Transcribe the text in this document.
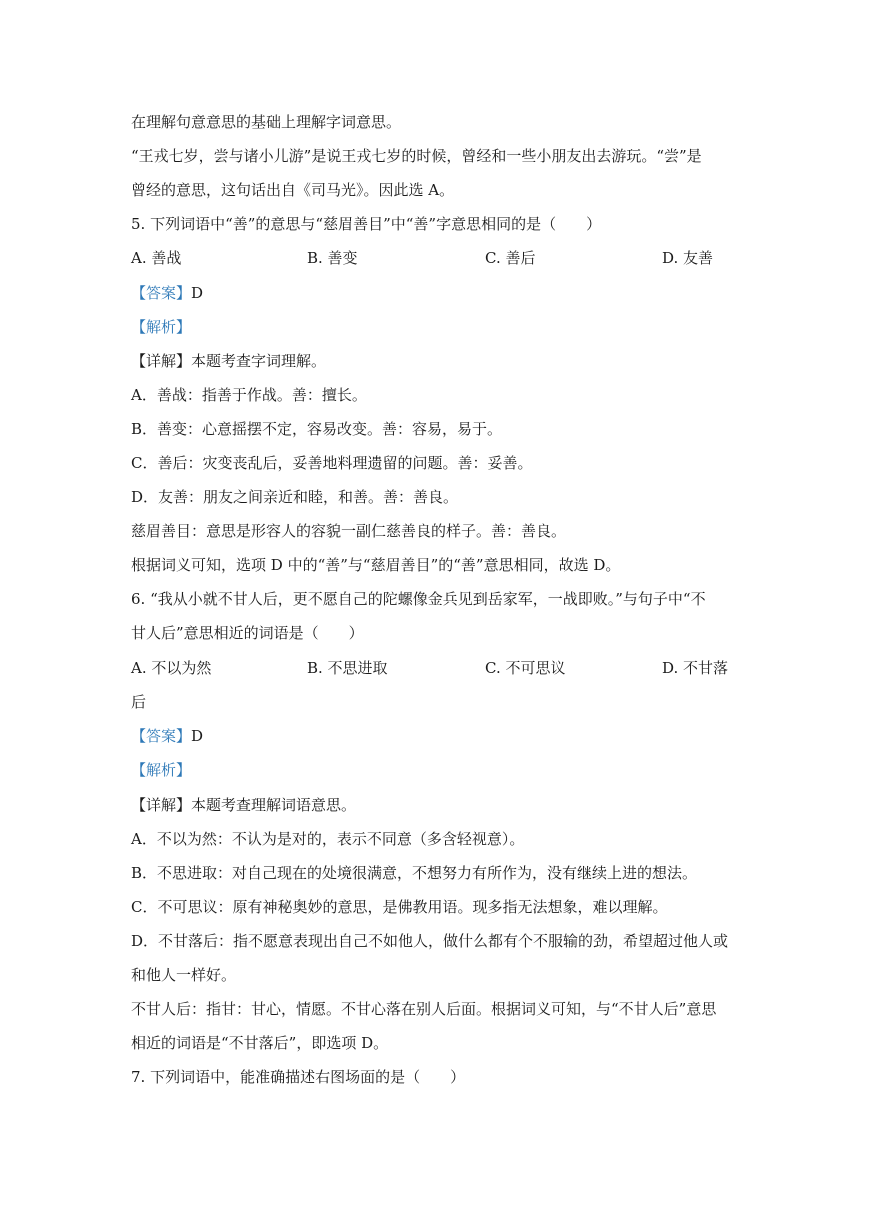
在理解句意意思的基础上理解字词意思。
“王戎七岁，尝与诸小儿游”是说王戎七岁的时候，曾经和一些小朋友出去游玩。“尝”是
曾经的意思，这句话出自《司马光》。因此选 A。
5. 下列词语中“善”的意思与“慈眉善目”中“善”字意思相同的是（　　）
A. 善战	B. 善变	C. 善后	D. 友善
【答案】D
【解析】
【详解】本题考查字词理解。
A．善战：指善于作战。善：擅长。
B．善变：心意摇摆不定，容易改变。善：容易，易于。
C．善后：灾变丧乱后，妥善地料理遗留的问题。善：妥善。
D．友善：朋友之间亲近和睦，和善。善：善良。
慈眉善目：意思是形容人的容貌一副仁慈善良的样子。善：善良。
根据词义可知，选项 D 中的“善”与“慈眉善目”的“善”意思相同，故选 D。
6. “我从小就不甘人后，更不愿自己的陀螺像金兵见到岳家军，一战即败。”与句子中“不
甘人后”意思相近的词语是（　　）
A. 不以为然	B. 不思进取	C. 不可思议	D. 不甘落
后
【答案】D
【解析】
【详解】本题考查理解词语意思。
A．不以为然：不认为是对的，表示不同意（多含轻视意）。
B．不思进取：对自己现在的处境很满意，不想努力有所作为，没有继续上进的想法。
C．不可思议：原有神秘奥妙的意思，是佛教用语。现多指无法想象，难以理解。
D．不甘落后：指不愿意表现出自己不如他人，做什么都有个不服输的劲，希望超过他人或
和他人一样好。
不甘人后：指甘：甘心，情愿。不甘心落在别人后面。根据词义可知，与“不甘人后”意思
相近的词语是“不甘落后”，即选项 D。
7. 下列词语中，能准确描述右图场面的是（　　）
